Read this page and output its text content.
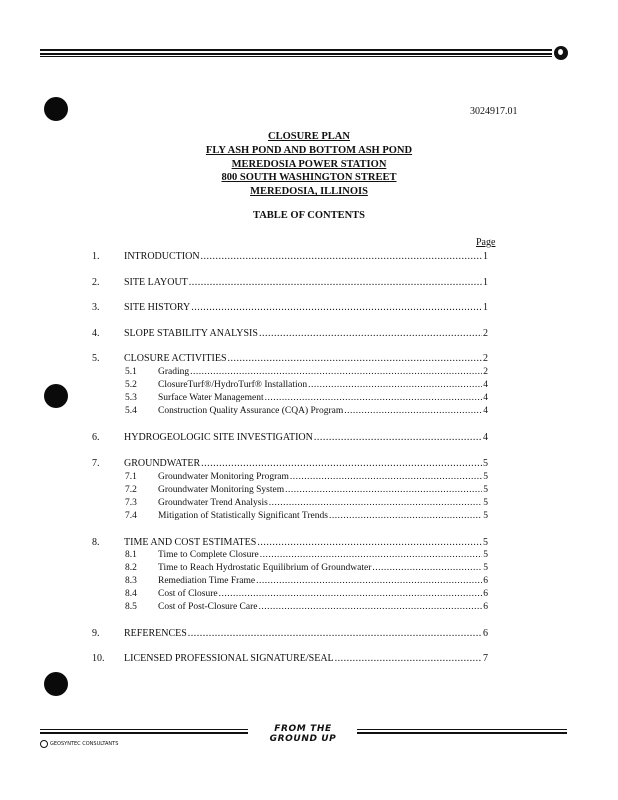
3024917.01
CLOSURE PLAN
FLY ASH POND AND BOTTOM ASH POND
MEREDOSIA POWER STATION
800 SOUTH WASHINGTON STREET
MEREDOSIA, ILLINOIS
TABLE OF CONTENTS
Page
1. INTRODUCTION .....	1
2. SITE LAYOUT .....	1
3. SITE HISTORY .....	1
4. SLOPE STABILITY ANALYSIS .....	2
5. CLOSURE ACTIVITIES .....	2
5.1 Grading .....	2
5.2 ClosureTurf®/HydroTurf® Installation .....	4
5.3 Surface Water Management .....	4
5.4 Construction Quality Assurance (CQA) Program .....	4
6. HYDROGEOLOGIC SITE INVESTIGATION .....	4
7. GROUNDWATER .....	5
7.1 Groundwater Monitoring Program .....	5
7.2 Groundwater Monitoring System .....	5
7.3 Groundwater Trend Analysis .....	5
7.4 Mitigation of Statistically Significant Trends .....	5
8. TIME AND COST ESTIMATES .....	5
8.1 Time to Complete Closure .....	5
8.2 Time to Reach Hydrostatic Equilibrium of Groundwater .....	5
8.3 Remediation Time Frame .....	6
8.4 Cost of Closure .....	6
8.5 Cost of Post-Closure Care .....	6
9. REFERENCES .....	6
10. LICENSED PROFESSIONAL SIGNATURE/SEAL .....	7
FROM THE GROUND UP
GEOSYNTEC CONSULTANTS
